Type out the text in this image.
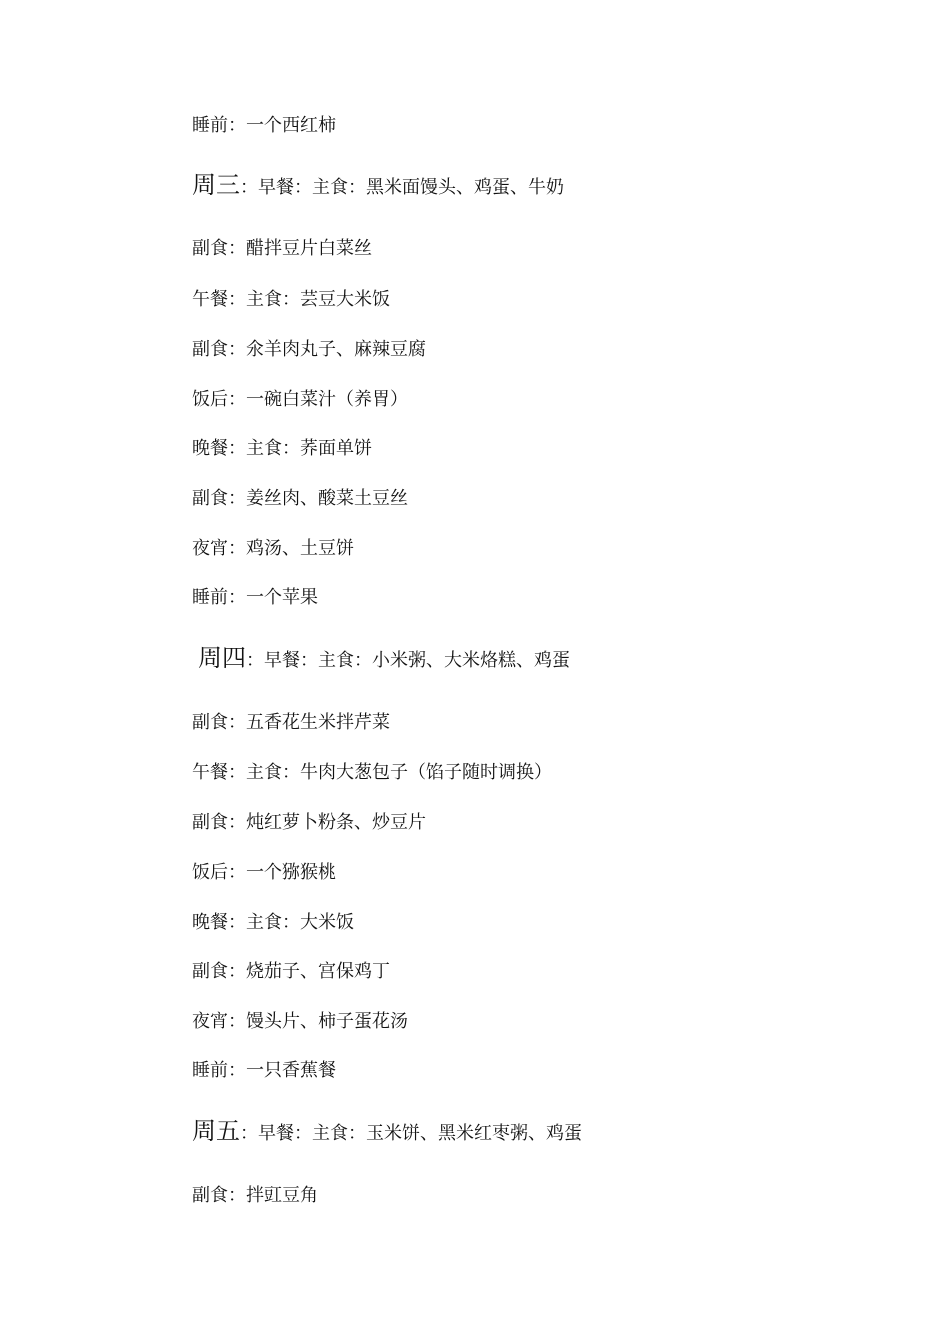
睡前：一个西红柿
周三：早餐：主食：黑米面馒头、鸡蛋、牛奶
副食：醋拌豆片白菜丝
午餐：主食：芸豆大米饭
副食：氽羊肉丸子、麻辣豆腐
饭后：一碗白菜汁（养胃）
晚餐：主食：荞面单饼
副食：姜丝肉、酸菜土豆丝
夜宵：鸡汤、土豆饼
睡前：一个苹果
周四：早餐：主食：小米粥、大米烙糕、鸡蛋
副食：五香花生米拌芹菜
午餐：主食：牛肉大葱包子（馅子随时调换）
副食：炖红萝卜粉条、炒豆片
饭后：一个猕猴桃
晚餐：主食：大米饭
副食：烧茄子、宫保鸡丁
夜宵：馒头片、柿子蛋花汤
睡前：一只香蕉餐
周五：早餐：主食：玉米饼、黑米红枣粥、鸡蛋
副食：拌豇豆角
